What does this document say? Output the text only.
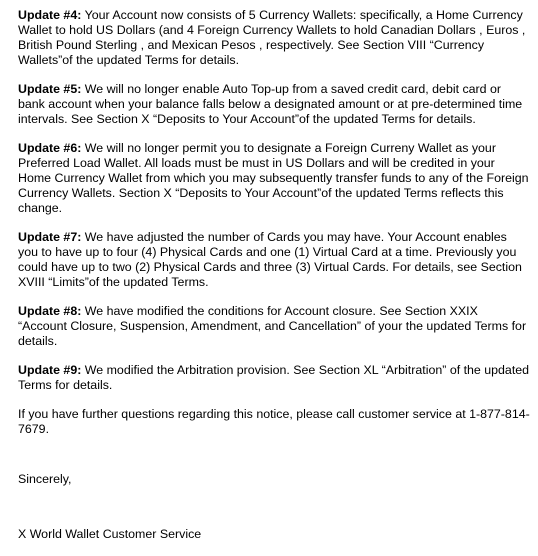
Update #4: Your Account now consists of 5 Currency Wallets: specifically, a Home Currency Wallet to hold US Dollars (and 4 Foreign Currency Wallets to hold Canadian Dollars , Euros , British Pound Sterling , and Mexican Pesos , respectively. See Section VIII “Currency Wallets”of the updated Terms for details.

Update #5: We will no longer enable Auto Top-up from a saved credit card, debit card or bank account when your balance falls below a designated amount or at pre-determined time intervals. See Section X “Deposits to Your Account”of the updated Terms for details.

Update #6: We will no longer permit you to designate a Foreign Curreny Wallet as your Preferred Load Wallet. All loads must be must in US Dollars and will be credited in your Home Currency Wallet from which you may subsequently transfer funds to any of the Foreign Currency Wallets. Section X “Deposits to Your Account”of the updated Terms reflects this change.

Update #7: We have adjusted the number of Cards you may have. Your Account enables you to have up to four (4) Physical Cards and one (1) Virtual Card at a time. Previously you could have up to two (2) Physical Cards and three (3) Virtual Cards. For details, see Section XVIII “Limits”of the updated Terms.

Update #8: We have modified the conditions for Account closure. See Section XXIX “Account Closure, Suspension, Amendment, and Cancellation” of your the updated Terms for details.

Update #9: We modified the Arbitration provision. See Section XL “Arbitration” of the updated Terms for details.

If you have further questions regarding this notice, please call customer service at 1-877-814-7679.

Sincerely,

X World Wallet Customer Service
